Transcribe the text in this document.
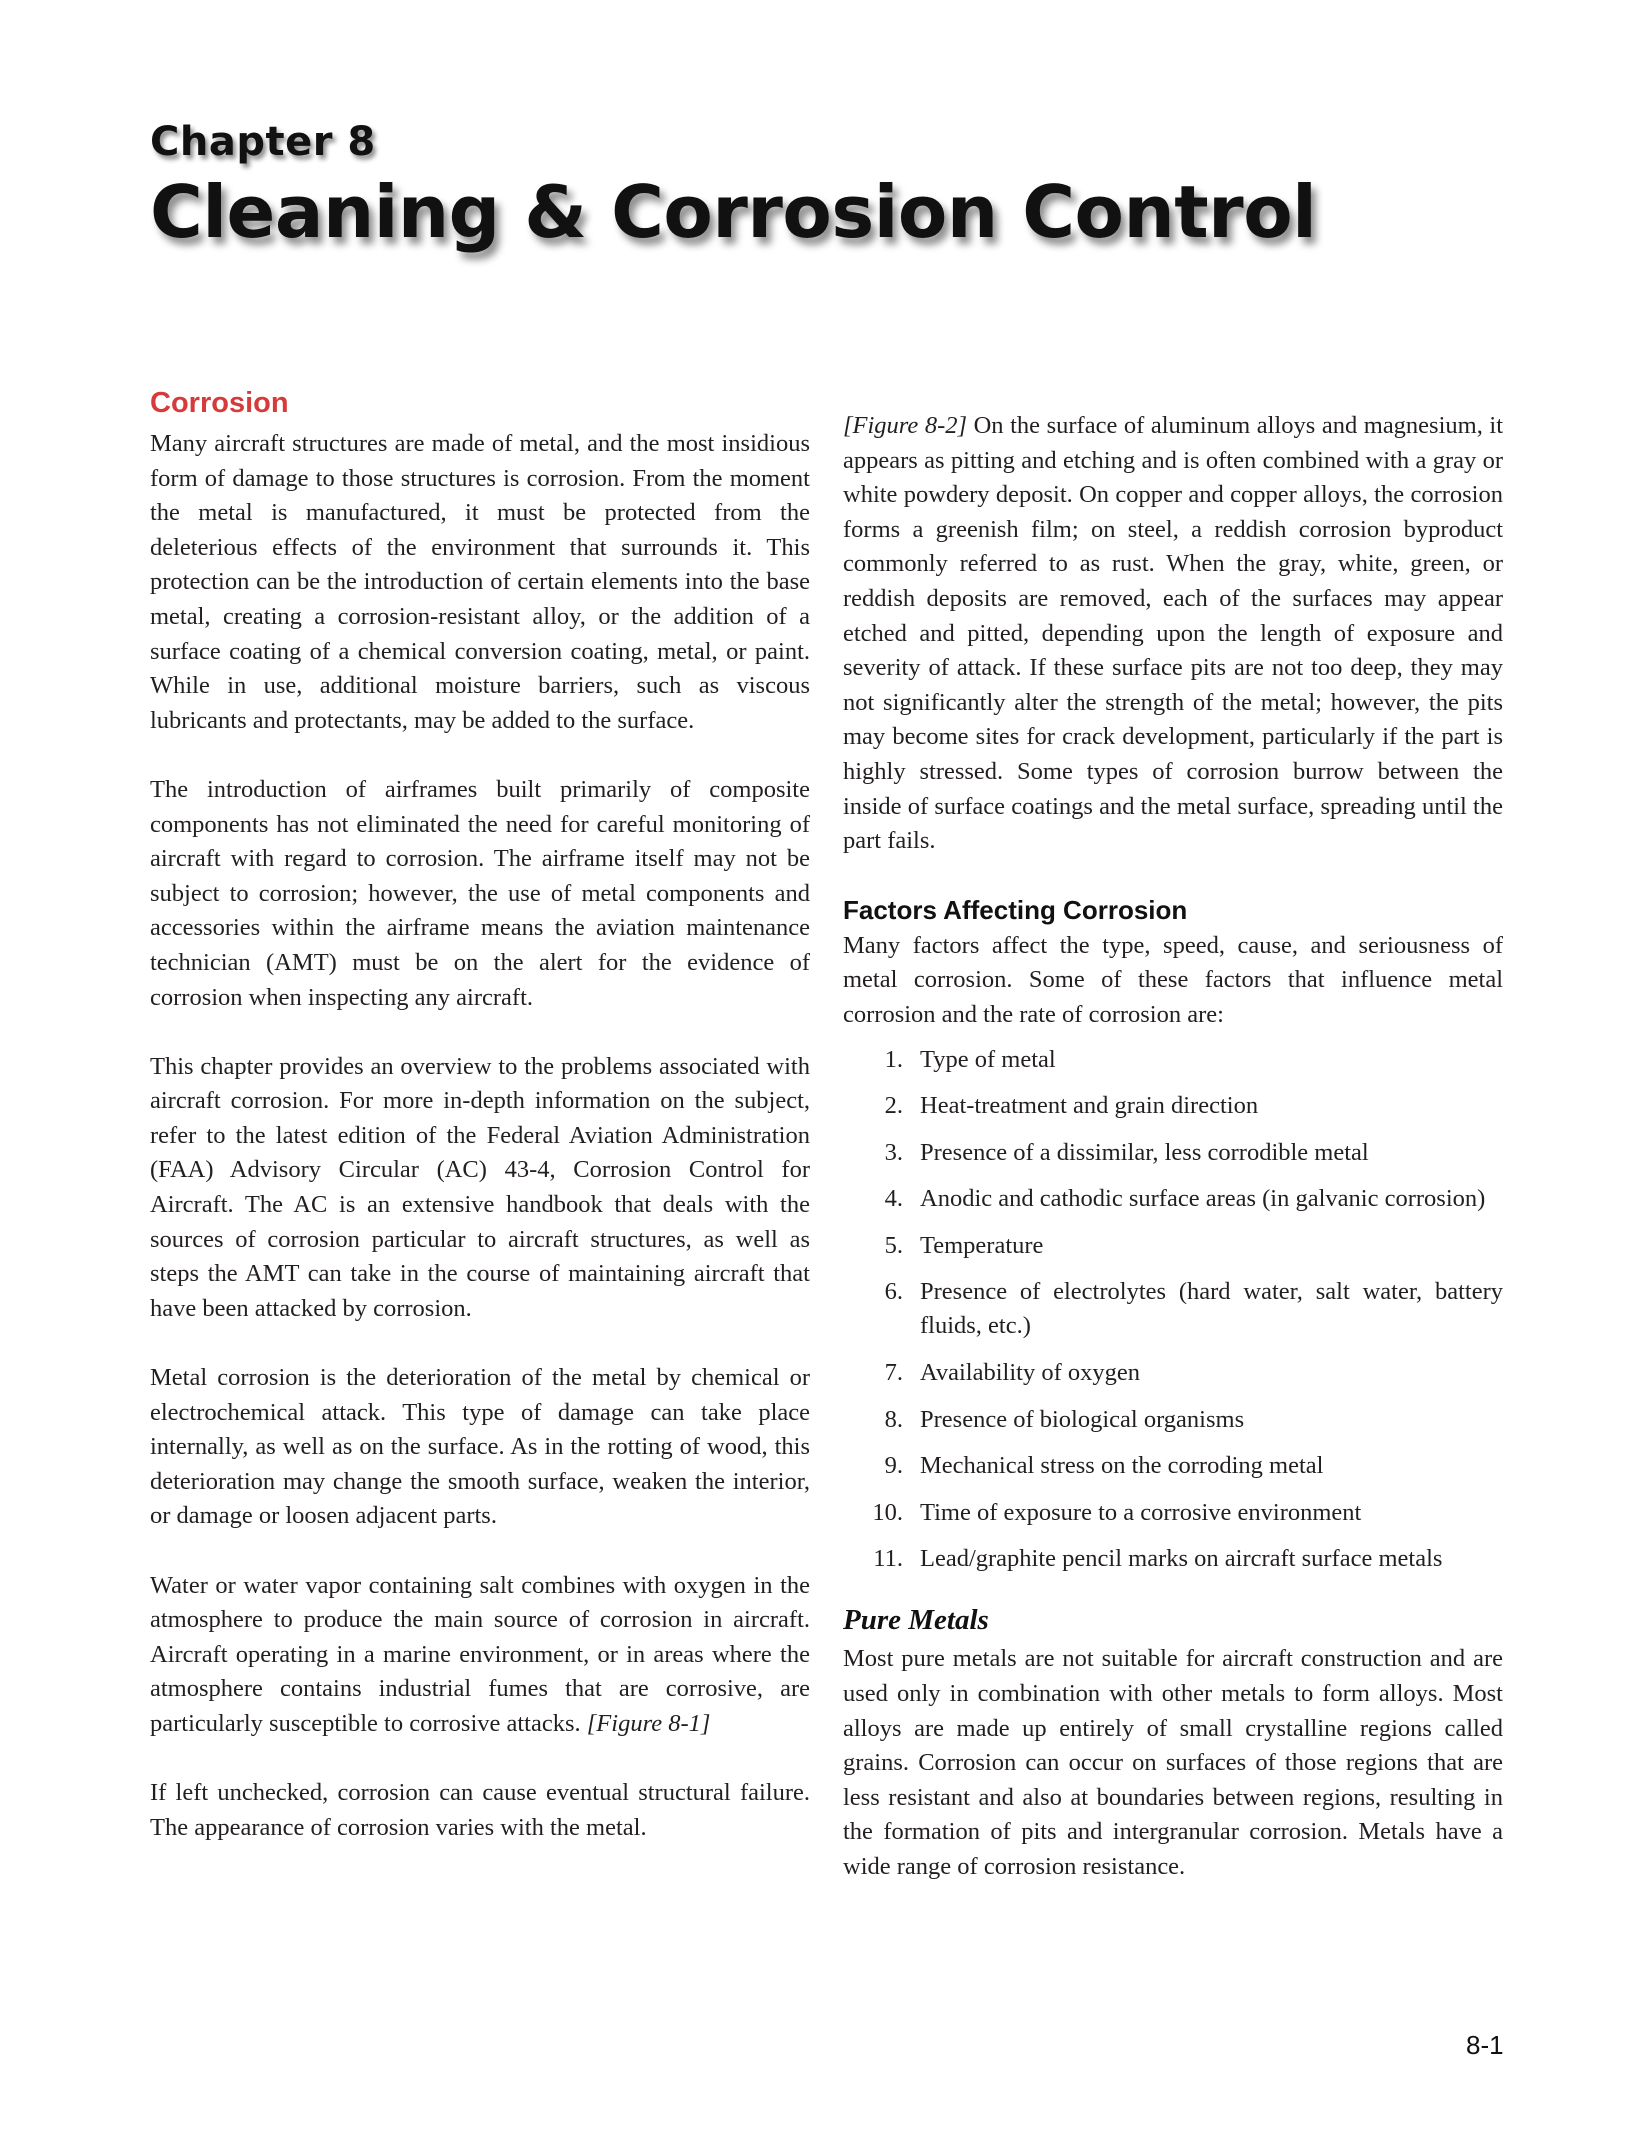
Chapter 8
Cleaning & Corrosion Control
Corrosion

Many aircraft structures are made of metal, and the most insidious form of damage to those structures is corrosion. From the moment the metal is manufactured, it must be protected from the deleterious effects of the environment that surrounds it. This protection can be the introduction of certain elements into the base metal, creating a corrosion-resistant alloy, or the addition of a surface coating of a chemical conversion coating, metal, or paint. While in use, additional moisture barriers, such as viscous lubricants and protectants, may be added to the surface.

The introduction of airframes built primarily of composite components has not eliminated the need for careful monitoring of aircraft with regard to corrosion. The airframe itself may not be subject to corrosion; however, the use of metal components and accessories within the airframe means the aviation maintenance technician (AMT) must be on the alert for the evidence of corrosion when inspecting any aircraft.

This chapter provides an overview to the problems associated with aircraft corrosion. For more in-depth information on the subject, refer to the latest edition of the Federal Aviation Administration (FAA) Advisory Circular (AC) 43-4, Corrosion Control for Aircraft. The AC is an extensive handbook that deals with the sources of corrosion particular to aircraft structures, as well as steps the AMT can take in the course of maintaining aircraft that have been attacked by corrosion.

Metal corrosion is the deterioration of the metal by chemical or electrochemical attack. This type of damage can take place internally, as well as on the surface. As in the rotting of wood, this deterioration may change the smooth surface, weaken the interior, or damage or loosen adjacent parts.

Water or water vapor containing salt combines with oxygen in the atmosphere to produce the main source of corrosion in aircraft. Aircraft operating in a marine environment, or in areas where the atmosphere contains industrial fumes that are corrosive, are particularly susceptible to corrosive attacks. [Figure 8-1]

If left unchecked, corrosion can cause eventual structural failure. The appearance of corrosion varies with the metal.

[Figure 8-2] On the surface of aluminum alloys and magnesium, it appears as pitting and etching and is often combined with a gray or white powdery deposit. On copper and copper alloys, the corrosion forms a greenish film; on steel, a reddish corrosion byproduct commonly referred to as rust. When the gray, white, green, or reddish deposits are removed, each of the surfaces may appear etched and pitted, depending upon the length of exposure and severity of attack. If these surface pits are not too deep, they may not significantly alter the strength of the metal; however, the pits may become sites for crack development, particularly if the part is highly stressed. Some types of corrosion burrow between the inside of surface coatings and the metal surface, spreading until the part fails.

Factors Affecting Corrosion

Many factors affect the type, speed, cause, and seriousness of metal corrosion. Some of these factors that influence metal corrosion and the rate of corrosion are:

1. Type of metal
2. Heat-treatment and grain direction
3. Presence of a dissimilar, less corrodible metal
4. Anodic and cathodic surface areas (in galvanic corrosion)
5. Temperature
6. Presence of electrolytes (hard water, salt water, battery fluids, etc.)
7. Availability of oxygen
8. Presence of biological organisms
9. Mechanical stress on the corroding metal
10. Time of exposure to a corrosive environment
11. Lead/graphite pencil marks on aircraft surface metals
Pure Metals

Most pure metals are not suitable for aircraft construction and are used only in combination with other metals to form alloys. Most alloys are made up entirely of small crystalline regions called grains. Corrosion can occur on surfaces of those regions that are less resistant and also at boundaries between regions, resulting in the formation of pits and intergranular corrosion. Metals have a wide range of corrosion resistance.

8-1
